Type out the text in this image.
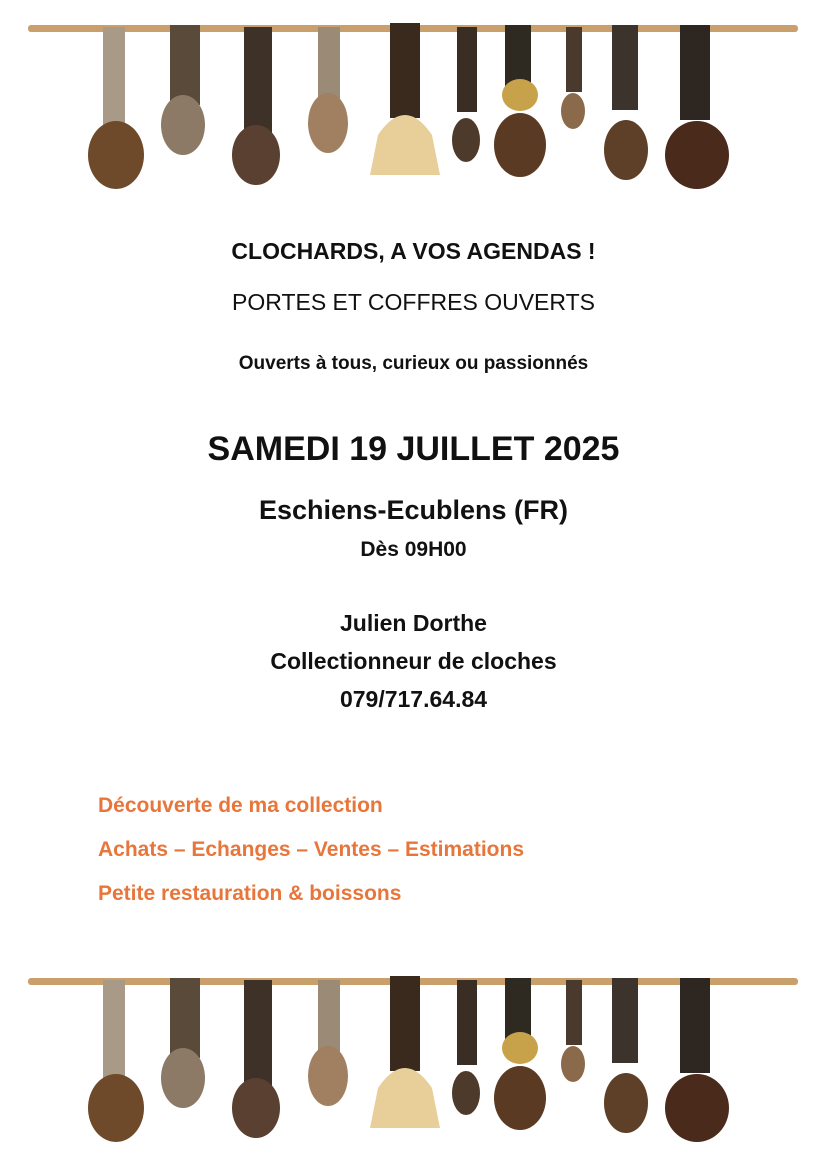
CLOCHARDS, A VOS AGENDAS !
PORTES ET COFFRES OUVERTS
Ouverts à tous, curieux ou passionnés
SAMEDI 19 JUILLET 2025
Eschiens-Ecublens (FR)
Dès 09H00
Julien Dorthe
Collectionneur de cloches
079/717.64.84
Découverte de ma collection
Achats – Echanges – Ventes – Estimations
Petite restauration & boissons
